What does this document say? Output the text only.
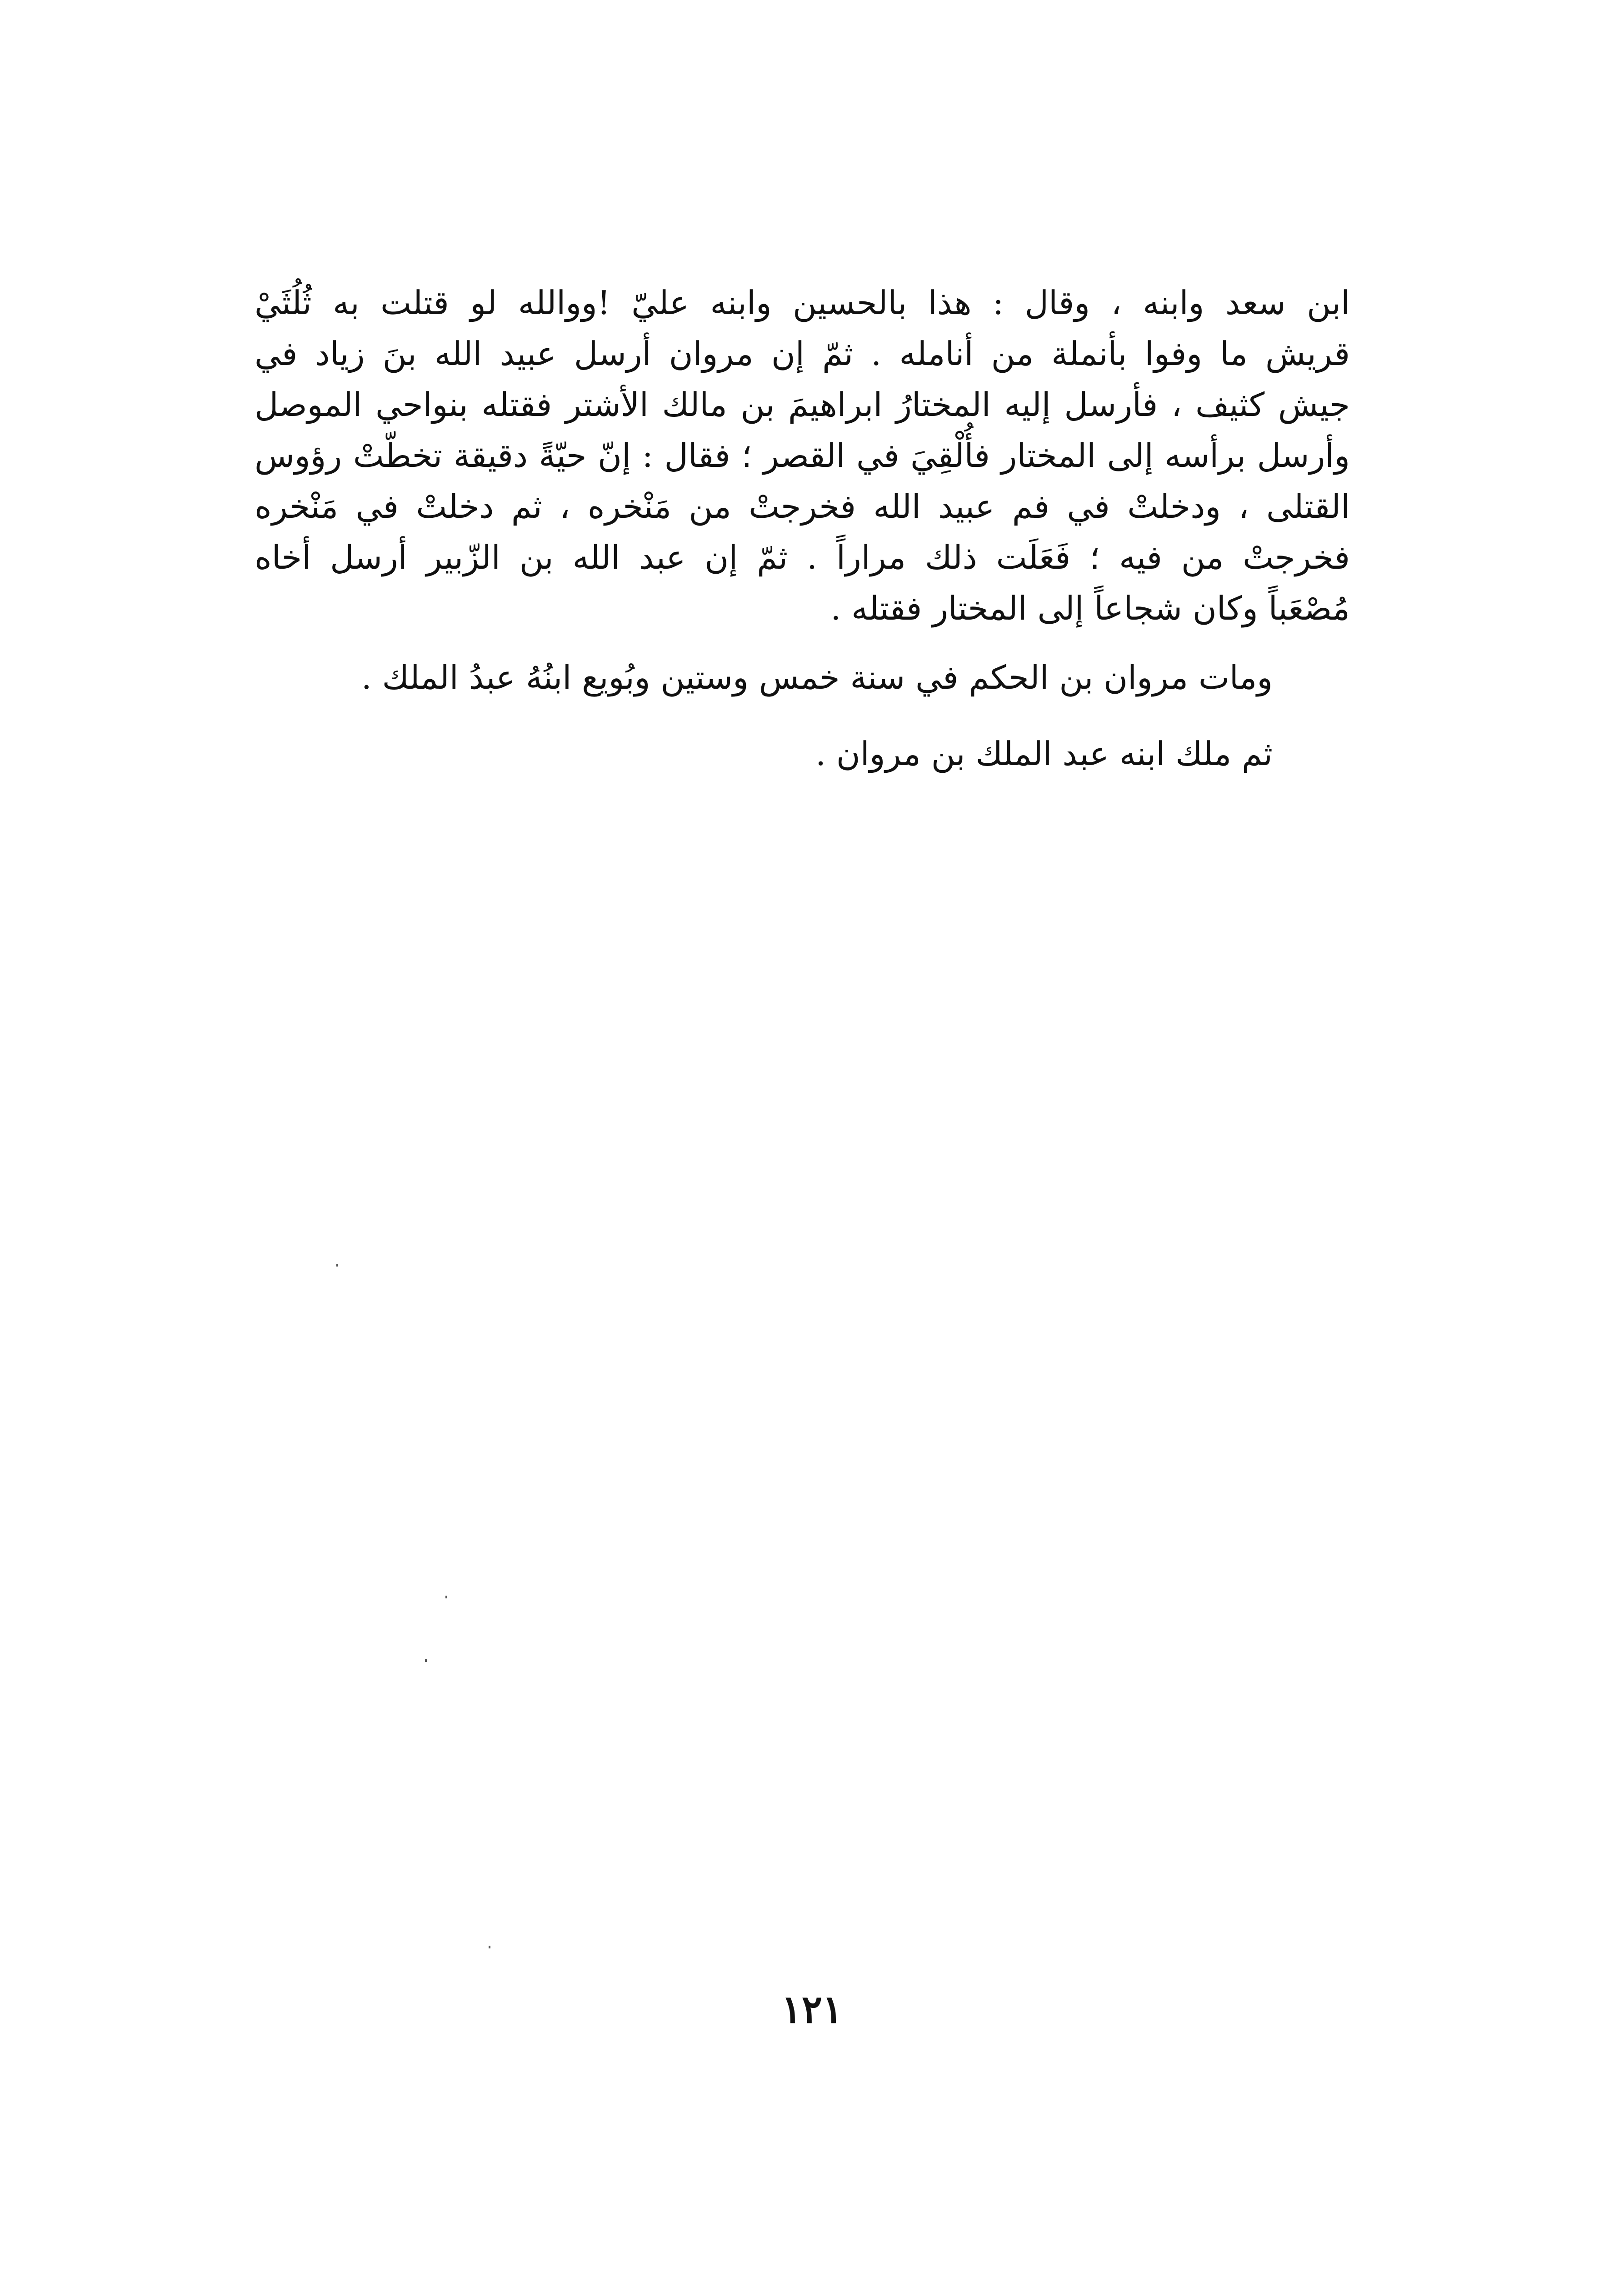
ابن سعد وابنه ، وقال : هذا بالحسين وابنه عليّ !ووالله لو قتلت به ثُلُثَيْ
قريش ما وفوا بأنملة من أنامله . ثمّ إن مروان أرسل عبيد الله بنَ زياد في
جيش كثيف ، فأرسل إليه المختارُ ابراهيمَ بن مالك الأشتر فقتله بنواحي الموصل
وأرسل برأسه إلى المختار فأُلْقِيَ في القصر ؛ فقال : إنّ حيّةً دقيقة تخطّتْ رؤوس
القتلى ، ودخلتْ في فم عبيد الله فخرجتْ من مَنْخره ، ثم دخلتْ في مَنْخره
فخرجتْ من فيه ؛ فَعَلَت ذلك مراراً . ثمّ إن عبد الله بن الزّبير أرسل أخاه
مُصْعَباً وكان شجاعاً إلى المختار فقتله .
ومات مروان بن الحكم في سنة خمس وستين وبُويع ابنُهُ عبدُ الملك .
ثم ملك ابنه عبد الملك بن مروان .
١٢١
